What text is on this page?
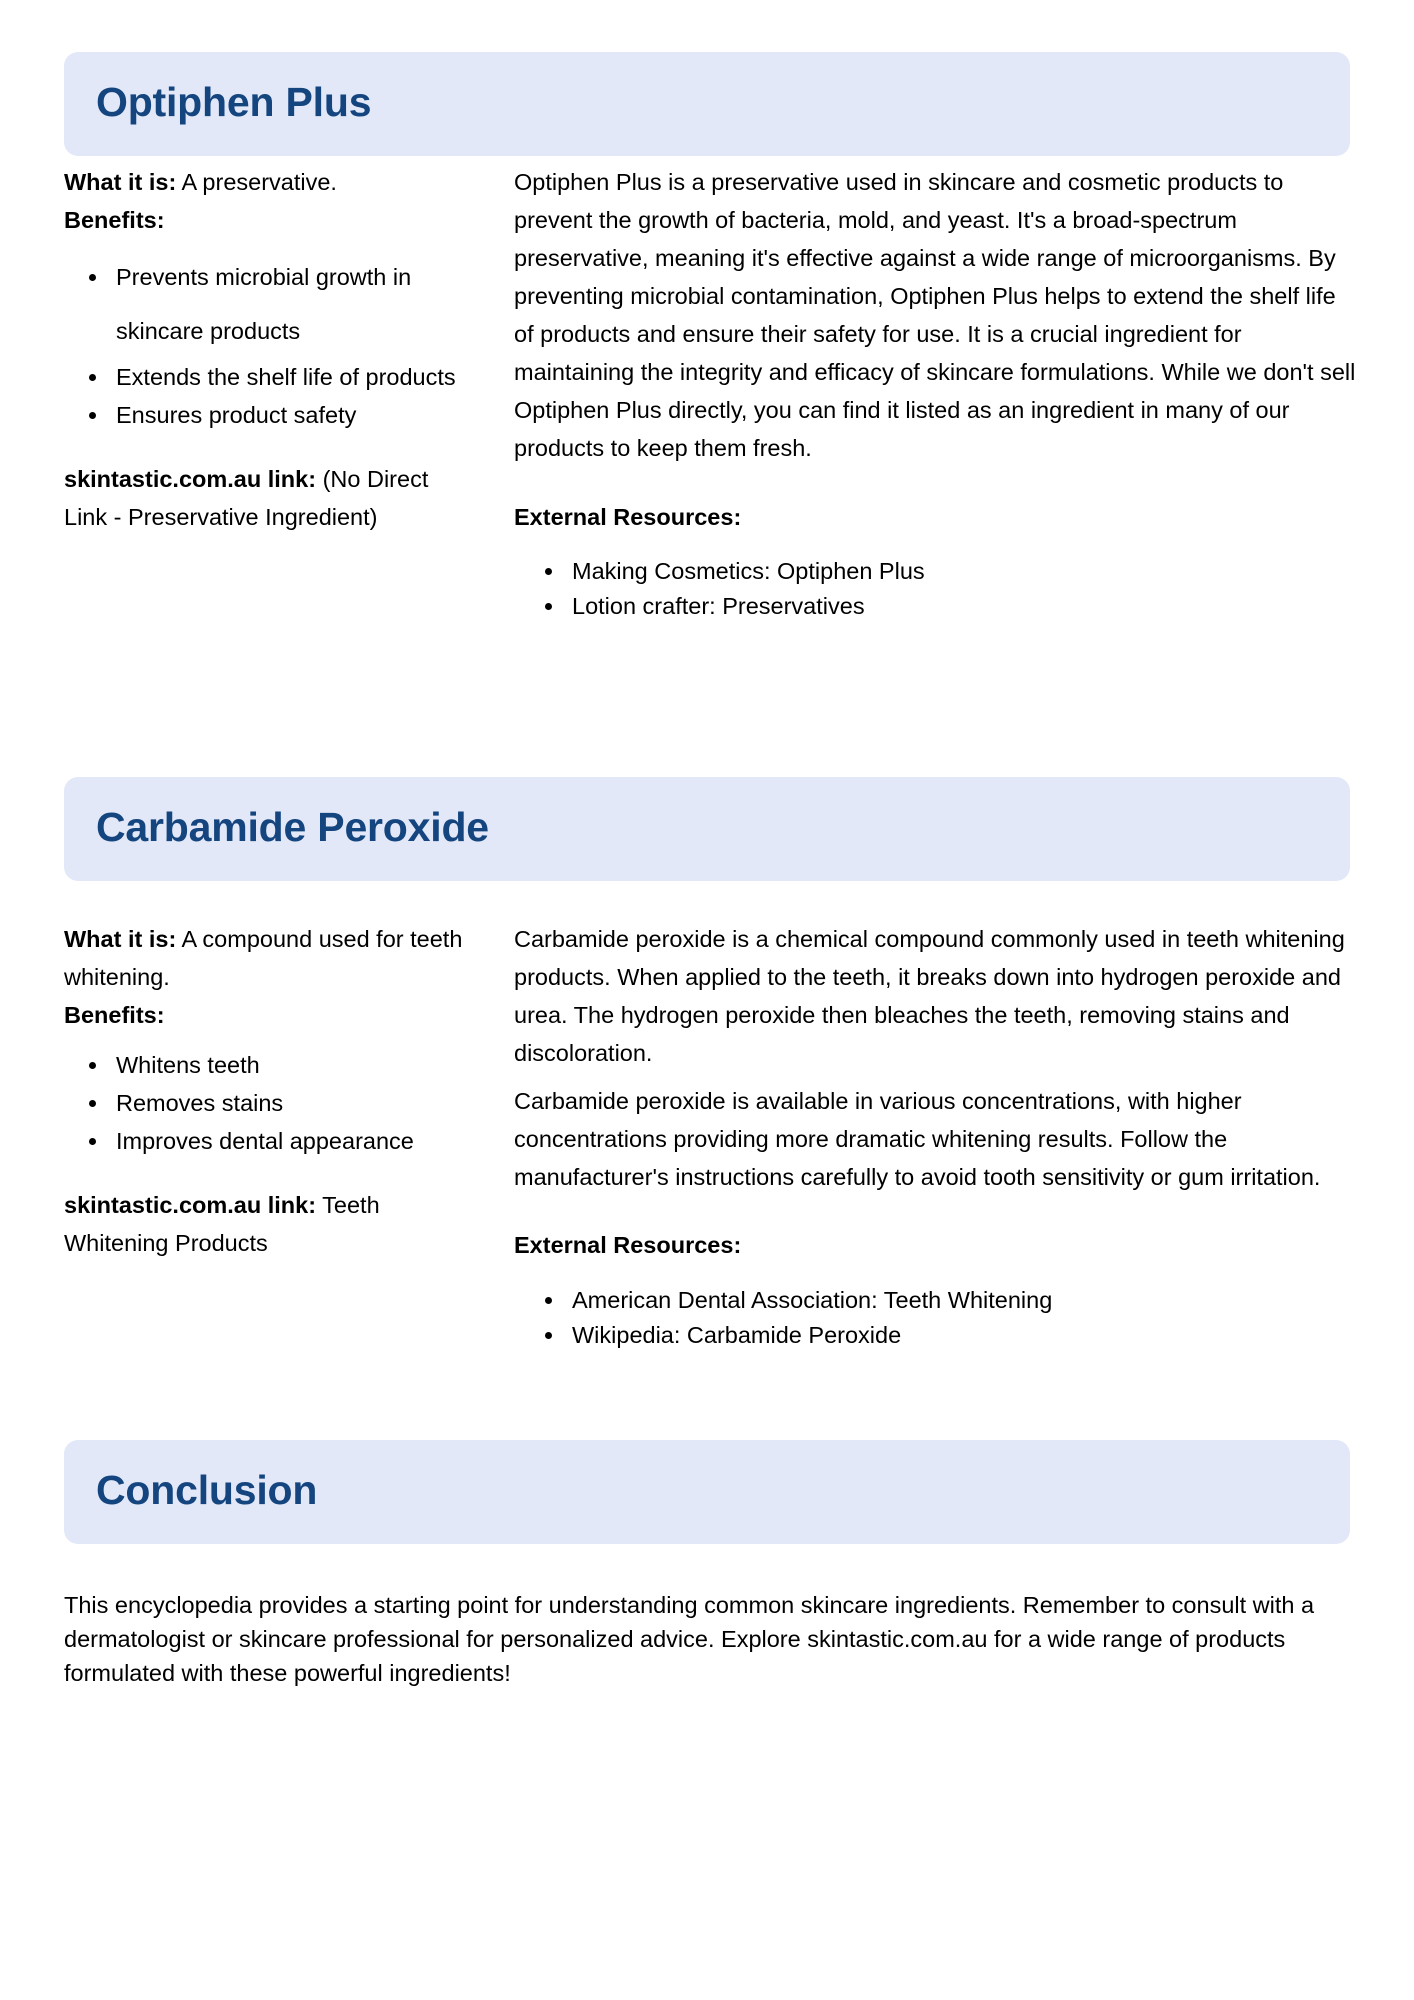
Optiphen Plus

What it is: A preservative.

Benefits:

• Prevents microbial growth in skincare products
• Extends the shelf life of products
• Ensures product safety

skintastic.com.au link: (No Direct Link - Preservative Ingredient)

Optiphen Plus is a preservative used in skincare and cosmetic products to prevent the growth of bacteria, mold, and yeast. It's a broad-spectrum preservative, meaning it's effective against a wide range of microorganisms. By preventing microbial contamination, Optiphen Plus helps to extend the shelf life of products and ensure their safety for use. It is a crucial ingredient for maintaining the integrity and efficacy of skincare formulations. While we don't sell Optiphen Plus directly, you can find it listed as an ingredient in many of our products to keep them fresh.

External Resources:

• Making Cosmetics: Optiphen Plus
• Lotion crafter: Preservatives
Carbamide Peroxide

What it is: A compound used for teeth whitening.

Benefits:

• Whitens teeth
• Removes stains
• Improves dental appearance

skintastic.com.au link: Teeth Whitening Products

Carbamide peroxide is a chemical compound commonly used in teeth whitening products. When applied to the teeth, it breaks down into hydrogen peroxide and urea. The hydrogen peroxide then bleaches the teeth, removing stains and discoloration.

Carbamide peroxide is available in various concentrations, with higher concentrations providing more dramatic whitening results. Follow the manufacturer's instructions carefully to avoid tooth sensitivity or gum irritation.

External Resources:

• American Dental Association: Teeth Whitening
• Wikipedia: Carbamide Peroxide
Conclusion

This encyclopedia provides a starting point for understanding common skincare ingredients. Remember to consult with a dermatologist or skincare professional for personalized advice. Explore skintastic.com.au for a wide range of products formulated with these powerful ingredients!
